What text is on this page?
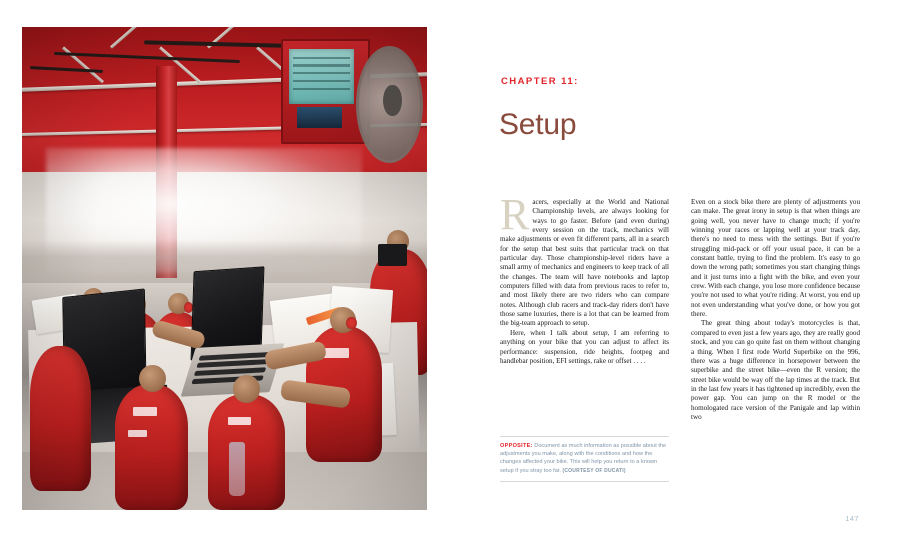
CHAPTER 11:
Setup

Racers, especially at the World and National Championship levels, are always looking for ways to go faster. Before (and even during) every session on the track, mechanics will make adjustments or even fit different parts, all in a search for the setup that best suits that particular track on that particular day. Those championship-level riders have a small army of mechanics and engineers to keep track of all the changes. The team will have notebooks and laptop computers filled with data from previous races to refer to, and most likely there are two riders who can compare notes. Although club racers and track-day riders don't have those same luxuries, there is a lot that can be learned from the big-team approach to setup.

Here, when I talk about setup, I am referring to anything on your bike that you can adjust to affect its performance: suspension, ride heights, footpeg and handlebar position, EFI settings, rake or offset . . . .

Even on a stock bike there are plenty of adjustments you can make. The great irony in setup is that when things are going well, you never have to change much; if you're winning your races or lapping well at your track day, there's no need to mess with the settings. But if you're struggling mid-pack or off your usual pace, it can be a constant battle, trying to find the problem. It's easy to go down the wrong path; sometimes you start changing things and it just turns into a fight with the bike, and even your crew. With each change, you lose more confidence because you're not used to what you're riding. At worst, you end up not even understanding what you've done, or how you got there.

The great thing about today's motorcycles is that, compared to even just a few years ago, they are really good stock, and you can go quite fast on them without changing a thing. When I first rode World Superbike on the 996, there was a huge difference in horsepower between the superbike and the street bike—even the R version; the street bike would be way off the lap times at the track. But in the last few years it has tightened up incredibly, even the power gap. You can jump on the R model or the homologated race version of the Panigale and lap within two

OPPOSITE: Document as much information as possible about the adjustments you make, along with the conditions and how the changes affected your bike. This will help you return to a known setup if you stray too far. (COURTESY OF DUCATI)
147
